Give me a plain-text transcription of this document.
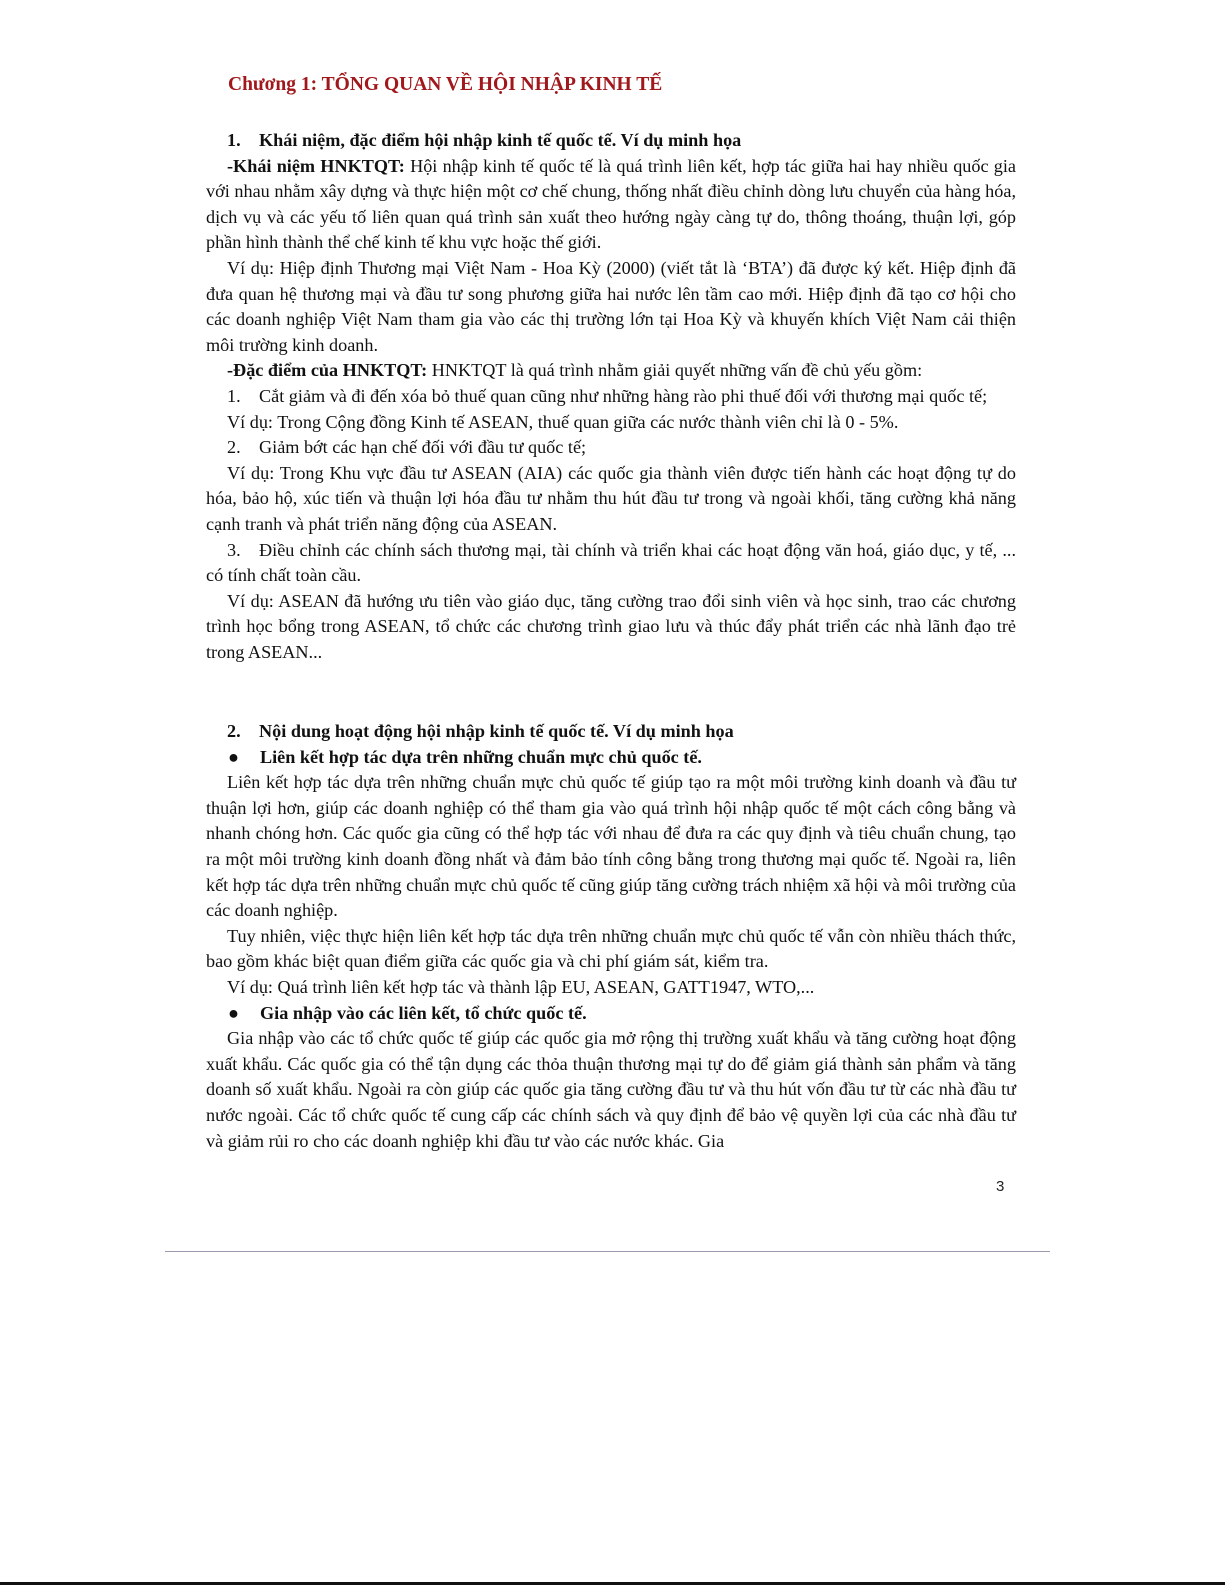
Chương 1: TỔNG QUAN VỀ HỘI NHẬP KINH TẾ
1. Khái niệm, đặc điểm hội nhập kinh tế quốc tế. Ví dụ minh họa

-Khái niệm HNKTQT: Hội nhập kinh tế quốc tế là quá trình liên kết, hợp tác giữa hai hay nhiều quốc gia với nhau nhằm xây dựng và thực hiện một cơ chế chung, thống nhất điều chỉnh dòng lưu chuyển của hàng hóa, dịch vụ và các yếu tố liên quan quá trình sản xuất theo hướng ngày càng tự do, thông thoáng, thuận lợi, góp phần hình thành thể chế kinh tế khu vực hoặc thế giới.

Ví dụ: Hiệp định Thương mại Việt Nam - Hoa Kỳ (2000) (viết tắt là ‘BTA’) đã được ký kết. Hiệp định đã đưa quan hệ thương mại và đầu tư song phương giữa hai nước lên tầm cao mới. Hiệp định đã tạo cơ hội cho các doanh nghiệp Việt Nam tham gia vào các thị trường lớn tại Hoa Kỳ và khuyến khích Việt Nam cải thiện môi trường kinh doanh.

-Đặc điểm của HNKTQT: HNKTQT là quá trình nhằm giải quyết những vấn đề chủ yếu gồm:

1. Cắt giảm và đi đến xóa bỏ thuế quan cũng như những hàng rào phi thuế đối với thương mại quốc tế;

Ví dụ: Trong Cộng đồng Kinh tế ASEAN, thuế quan giữa các nước thành viên chỉ là 0 - 5%.

2. Giảm bớt các hạn chế đối với đầu tư quốc tế;

Ví dụ: Trong Khu vực đầu tư ASEAN (AIA) các quốc gia thành viên được tiến hành các hoạt động tự do hóa, bảo hộ, xúc tiến và thuận lợi hóa đầu tư nhằm thu hút đầu tư trong và ngoài khối, tăng cường khả năng cạnh tranh và phát triển năng động của ASEAN.

3. Điều chỉnh các chính sách thương mại, tài chính và triển khai các hoạt động văn hoá, giáo dục, y tế, ... có tính chất toàn cầu.

Ví dụ: ASEAN đã hướng ưu tiên vào giáo dục, tăng cường trao đổi sinh viên và học sinh, trao các chương trình học bổng trong ASEAN, tổ chức các chương trình giao lưu và thúc đẩy phát triển các nhà lãnh đạo trẻ trong ASEAN...

2. Nội dung hoạt động hội nhập kinh tế quốc tế. Ví dụ minh họa
● Liên kết hợp tác dựa trên những chuẩn mực chủ quốc tế.

Liên kết hợp tác dựa trên những chuẩn mực chủ quốc tế giúp tạo ra một môi trường kinh doanh và đầu tư thuận lợi hơn, giúp các doanh nghiệp có thể tham gia vào quá trình hội nhập quốc tế một cách công bằng và nhanh chóng hơn. Các quốc gia cũng có thể hợp tác với nhau để đưa ra các quy định và tiêu chuẩn chung, tạo ra một môi trường kinh doanh đồng nhất và đảm bảo tính công bằng trong thương mại quốc tế. Ngoài ra, liên kết hợp tác dựa trên những chuẩn mực chủ quốc tế cũng giúp tăng cường trách nhiệm xã hội và môi trường của các doanh nghiệp.

Tuy nhiên, việc thực hiện liên kết hợp tác dựa trên những chuẩn mực chủ quốc tế vẫn còn nhiều thách thức, bao gồm khác biệt quan điểm giữa các quốc gia và chi phí giám sát, kiểm tra.

Ví dụ: Quá trình liên kết hợp tác và thành lập EU, ASEAN, GATT1947, WTO,...

● Gia nhập vào các liên kết, tổ chức quốc tế.

Gia nhập vào các tổ chức quốc tế giúp các quốc gia mở rộng thị trường xuất khẩu và tăng cường hoạt động xuất khẩu. Các quốc gia có thể tận dụng các thỏa thuận thương mại tự do để giảm giá thành sản phẩm và tăng doanh số xuất khẩu. Ngoài ra còn giúp các quốc gia tăng cường đầu tư và thu hút vốn đầu tư từ các nhà đầu tư nước ngoài. Các tổ chức quốc tế cung cấp các chính sách và quy định để bảo vệ quyền lợi của các nhà đầu tư và giảm rủi ro cho các doanh nghiệp khi đầu tư vào các nước khác. Gia

3
